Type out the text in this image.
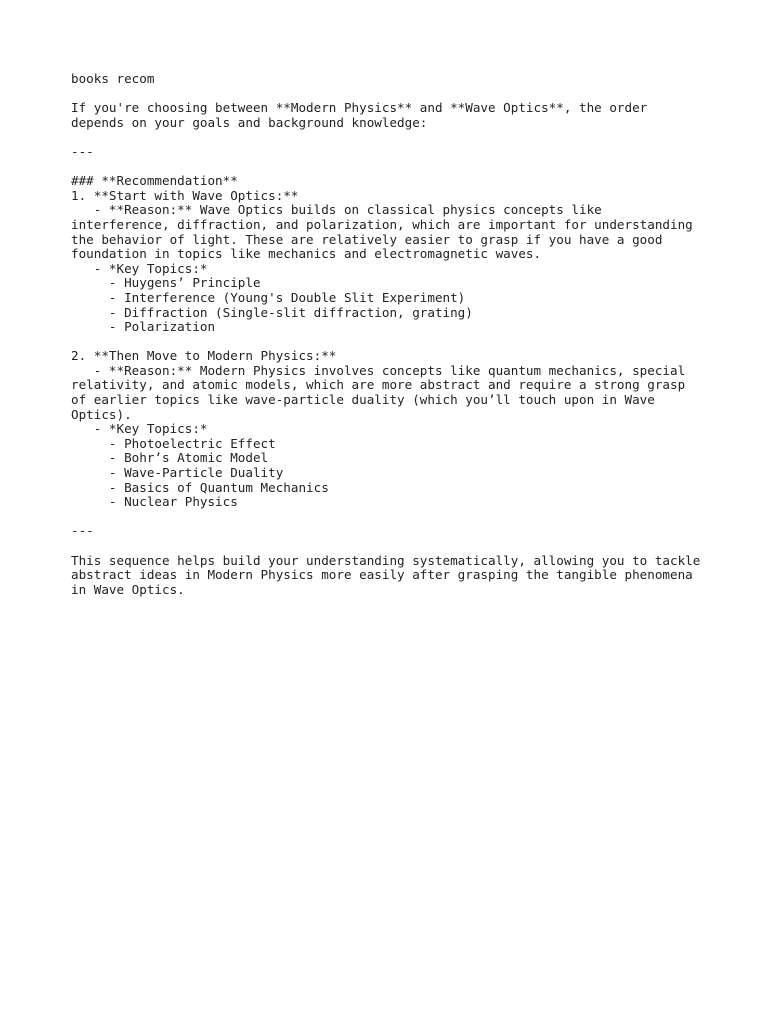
books recom
If you're choosing between **Modern Physics** and **Wave Optics**, the order
depends on your goals and background knowledge:
---
### **Recommendation**
1. **Start with Wave Optics:**
- **Reason:** Wave Optics builds on classical physics concepts like
interference, diffraction, and polarization, which are important for understanding
the behavior of light. These are relatively easier to grasp if you have a good
foundation in topics like mechanics and electromagnetic waves.
- *Key Topics:*
- Huygens’ Principle
- Interference (Young's Double Slit Experiment)
- Diffraction (Single-slit diffraction, grating)
- Polarization
2. **Then Move to Modern Physics:**
- **Reason:** Modern Physics involves concepts like quantum mechanics, special
relativity, and atomic models, which are more abstract and require a strong grasp
of earlier topics like wave-particle duality (which you’ll touch upon in Wave
Optics).
- *Key Topics:*
- Photoelectric Effect
- Bohr’s Atomic Model
- Wave-Particle Duality
- Basics of Quantum Mechanics
- Nuclear Physics
---
This sequence helps build your understanding systematically, allowing you to tackle
abstract ideas in Modern Physics more easily after grasping the tangible phenomena
in Wave Optics.
